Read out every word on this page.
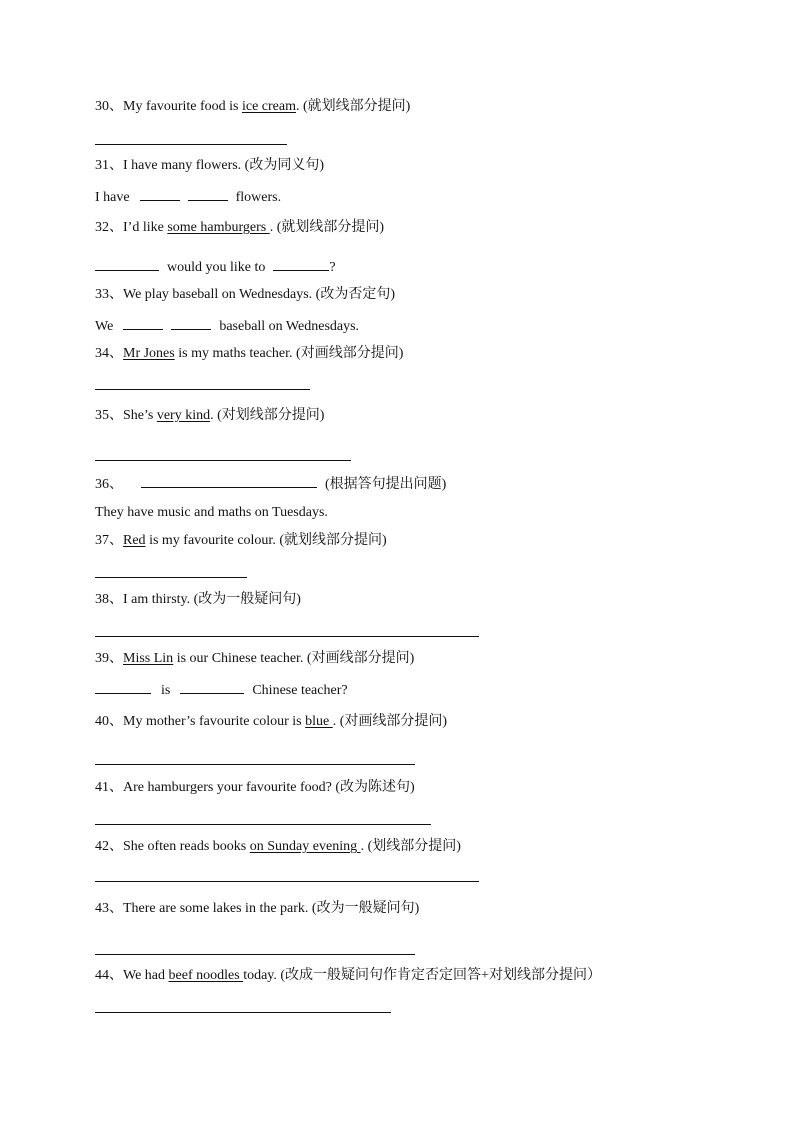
30、My favourite food is ice cream. (就划线部分提问)
31、I have many flowers. (改为同义句)
I have	flowers.
32、I’d like some hamburgers . (就划线部分提问)
would you like to	?
33、We play baseball on Wednesdays. (改为否定句)
We	baseball on Wednesdays.
34、Mr Jones is my maths teacher. (对画线部分提问)
35、She’s very kind. (对划线部分提问)
36、	(根据答句提出问题)
They have music and maths on Tuesdays.
37、Red is my favourite colour. (就划线部分提问)
38、I am thirsty. (改为一般疑问句)
39、Miss Lin is our Chinese teacher. (对画线部分提问)
is	Chinese teacher?
40、My mother’s favourite colour is blue . (对画线部分提问)
41、Are hamburgers your favourite food? (改为陈述句)
42、She often reads books on Sunday evening . (划线部分提问)
43、There are some lakes in the park. (改为一般疑问句)
44、We had beef noodles today. (改成一般疑问句作肯定否定回答+对划线部分提问）
